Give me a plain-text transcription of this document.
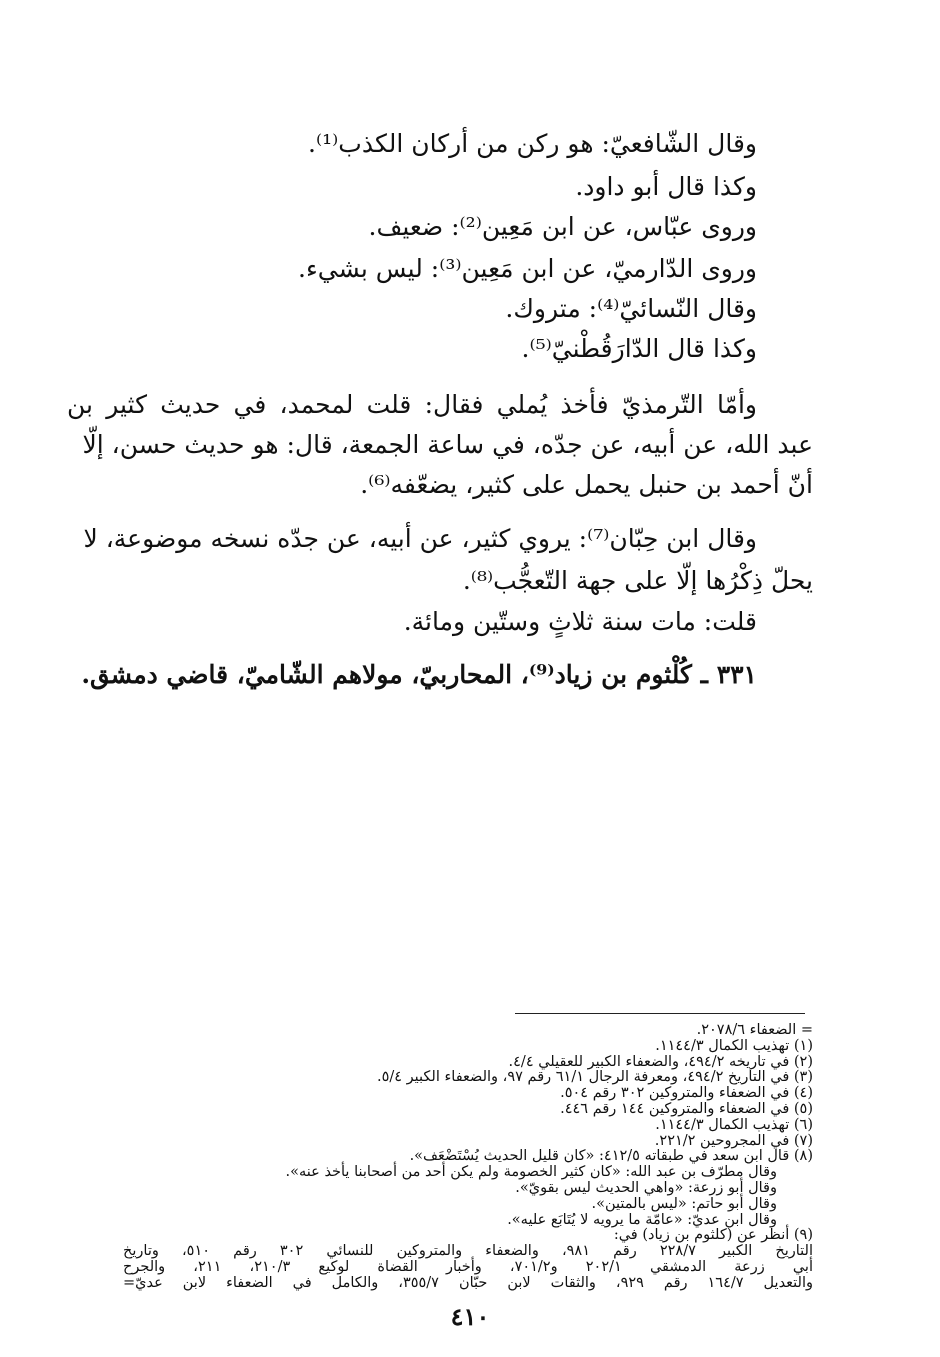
وقال الشّافعيّ: هو ركن من أركان الكذب⁽¹⁾.
وكذا قال أبو داود.
وروى عبّاس، عن ابن مَعِين⁽²⁾: ضعيف.
وروى الدّارميّ، عن ابن مَعِين⁽³⁾: ليس بشيء.
وقال النّسائيّ⁽⁴⁾: متروك.
وكذا قال الدّارَقُطْنيّ⁽⁵⁾.
وأمّا التّرمذيّ فأخذ يُملي فقال: قلت لمحمد، في حديث كثير بن
عبد الله، عن أبيه، عن جدّه، في ساعة الجمعة، قال: هو حديث حسن، إلّا
أنّ أحمد بن حنبل يحمل على كثير، يضعّفه⁽⁶⁾.
وقال ابن حِبّان⁽⁷⁾: يروي كثير، عن أبيه، عن جدّه نسخه موضوعة، لا
يحلّ ذِكْرُها إلّا على جهة التّعجُّب⁽⁸⁾.
قلت: مات سنة ثلاثٍ وستّين ومائة.
٣٣١ ـ كُلْثوم بن زياد⁽⁹⁾، المحاربيّ، مولاهم الشّاميّ، قاضي دمشق.
٤١٠
= الضعفاء ٢٠٧٨/٦.
(١) تهذيب الكمال ١١٤٤/٣.
(٢) في تاريخه ٤٩٤/٢، والضعفاء الكبير للعقيلي ٤/٤.
(٣) في التاريخ ٤٩٤/٢، ومعرفة الرجال ٦١/١ رقم ٩٧، والضعفاء الكبير ٥/٤.
(٤) في الضعفاء والمتروكين ٣٠٢ رقم ٥٠٤.
(٥) في الضعفاء والمتروكين ١٤٤ رقم ٤٤٦.
(٦) تهذيب الكمال ١١٤٤/٣.
(٧) في المجروحين ٢٢١/٢.
(٨) قال ابن سعد في طبقاته ٤١٢/٥: «كان قليل الحديث يُسْتَضْعَف».
وقال مطرّف بن عبد الله: «كان كثير الخصومة ولم يكن أحد من أصحابنا يأخذ عنه».
وقال أبو زرعة: «واهي الحديث ليس بقويّ».
وقال أبو حاتم: «ليس بالمتين».
وقال ابن عديّ: «عامّة ما يرويه لا يُتَابَع عليه».
(٩) أنظر عن (كلثوم بن زياد) في:
التاريخ الكبير ٢٢٨/٧ رقم ٩٨١، والضعفاء والمتروكين للنسائي ٣٠٢ رقم ٥١٠، وتاريخ
أبي زرعة الدمشقي ٢٠٢/١ و٧٠١/٢، وأخبار القضاة لوكيع ٢١٠/٣، ٢١١، والجرح
والتعديل ١٦٤/٧ رقم ٩٢٩، والثقات لابن حبّان ٣٥٥/٧، والكامل في الضعفاء لابن عديّ=
